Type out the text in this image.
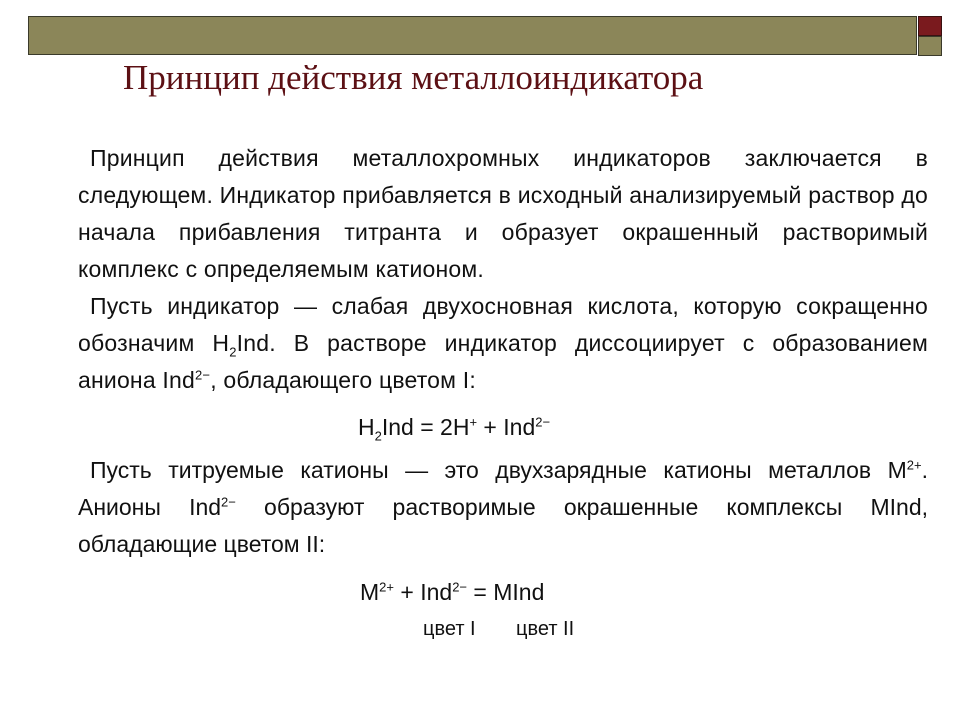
Принцип действия металлоиндикатора

Принцип действия металлохромных индикаторов заключается в следующем. Индикатор прибавляется в исходный анализируемый раствор до начала прибавления титранта и образует окрашенный растворимый комплекс с определяемым катионом.

Пусть индикатор — слабая двухосновная кислота, которую сокращенно обозначим $H_2Ind$. В растворе индикатор диссоциирует с образованием аниона Ind$^{2-}$, обладающего цветом I:

$H_2Ind = 2H^+ + Ind^{2-}$

Пусть титруемые катионы — это двухзарядные катионы металлов $M^{2+}$. Анионы Ind$^{2-}$ образуют растворимые окрашенные комплексы MInd, обладающие цветом II:

$M^{2+} + Ind^{2-}$ = MInd
цвет I цвет II
